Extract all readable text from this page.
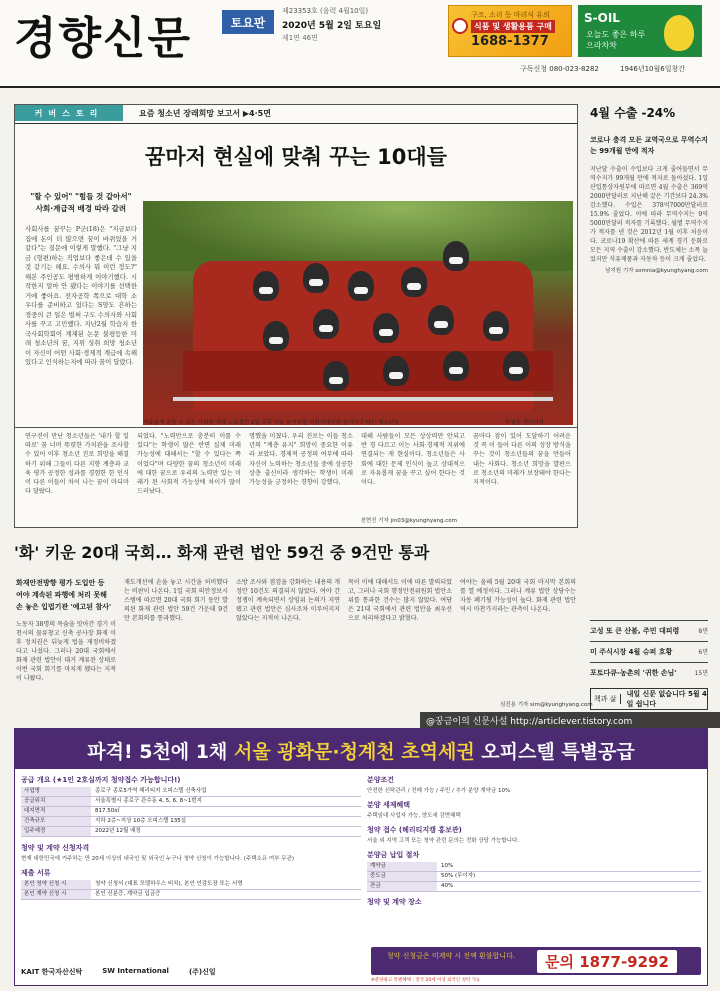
경향신문	토요판
제23353호 (음력 4월10일)
2020년 5월 2일 토요일
제1면 46면
구조, 소리 등 마리식 유의
식품 및 생활용품 구매
1688-1377
S-OIL
오늘도 좋은 하루 으라차차
구독신청 080-023-8282	1946년10월6일창간
커버스토리	요즘 청소년 장래희망 보고서 ▶4·5면
꿈마저 현실에 맞춰 꾸는 10대들
"할 수 있어" "힘들 것 같아서"
사회·계급적 배경 따라 갈려
사회사를 꿈꾸는 P군(18)은 "지금보다 집에 돈이 더 많으면 꿈이 바뀌었을 거 같다"는 질문에 이렇게 말했다. "그냥 지금 (형편)하는 직업보다 좋은데 수 있을 것 같기는 해요. 수의사 뭐 이런 정도?" 해본 주인공도 평범하게 이야기했다. 시작한지 얼마 안 됐다는 이야기를 선택한 거에 좋아요. 전자공학 쪽으로 대학 소 우다를 준비하고 있다는 S양도 흔하는 경중의 큰 일은 벌써 구도 수의사와 사회사를 꾸고 고민했다. 지난2월 학습지 한국사회학회이 계재된 논문 불평등한 미래 청소년의 꿈, 지위 성취 희망 청소년이 자신이 어떤 사회·경제적 계급에 속해 있다고 인식하는지에 따라 꿈이 달랐다.
지유롭게 꿈을 수 있는 사회를 세계 노동절인 1일 오후 서울 놀이공원 어린이대공원 놀이기구 타는 청소년들	우철훈 선임기자
연구진이 만난 청소년들은 '내가 할 일 따로' 꿈 너머 뚜렷한 가치관을 조사할 수 있어 이후 청소년 진로 희망을 해결하기 위해 그들이 다른 지향 계층과 교육 평가 공정한 성과를 경험한 한 인식이 다른 이들이 차이 나는 꿈이 마디마다 달랐다.
되었다. "노력만으로 충분히 이룰 수 있다"는 학생이 많은 반면 실제 미래 가능성에 대해서는 "할 수 있다는 쪽 이었다"며 다양한 꿈의 청소년이 미래에 대한 꿈으로 우리의 노력만 있는 미래가 된 사회적 가능성에 차이가 많이 드러났다.
명했을 미쳤다. 우리 진로는 이들 청소년의 "계층 유지" 희망이 중요한 이유라 보았다. 경제적 공정의 여부에 따라 자신이 노력하는 청소년들 중에 성공한 상층 출신이라 생각하는 학생이 미래 가능성을 긍정하는 경향이 강했다.
대해 사람들이 모든 상상력만 안되고 반 경 다르고 이는 사회·경제적 지위에 연결되는 게 현실이다. 청소년들은 사회에 대한 문제 인식이 높고 상대적으로 자유롭게 꿈을 꾸고 싶어 한다는 것이다.
꿈마다 잠이 있어 도달하기 어려운 것 꼭 이 들어 다른 이의 성장 방식을 꾸는 것이 청소년들의 꿈을 만들어 내는 사회다. 청소년 희망을 발판으로 청소년의 미래가 보장돼야 한다는 지적이다.
천현진 기자 jin03@kyunghyang.com
'화' 키운 20대 국회… 화재 관련 법안 59건 중 9건만 통과
화재안전방향 평가 도입안 등
여야 계속된 파행에 처리 못해
손 놓은 입법기관 '예고된 참사'
노동자 38명의 목숨을 앗아간 경기 이천시의 물류창고 신축 공사장 화재 이후 정치권은 뒤늦게 법을 재정비하겠다고 나섰다. 그러나 20대 국회에서 화재 관련 법안이 대거 계류된 상태로 이번 국회 회기를 마치게 됐다는 지적이 나왔다.
재도개선에 손을 놓고 시간을 허비했다는 비판이 나온다. 1일 국회 의안정보시스템에 따르면 20대 국회 회기 동안 발의된 화재 관련 법안 59건 가운데 9건만 본회의를 통과했다.
소방 조사와 점검을 강화하는 내용의 개정안 10건도 의결되지 않았다. 여야 간 정쟁이 계속되면서 상임위 논의가 지연됐고 관련 법안은 심사조차 이루어지지 않았다는 지적이 나온다.
목이 이에 대해서도 이에 따른 발의되었고, 그러나 국회 행정안전위원회 법안소위를 통과한 건수는 많지 않았다. 여당은 21대 국회에서 관련 법안을 최우선으로 처리하겠다고 밝혔다.
여야는 올해 5월 20대 국회 마지막 본회의를 열 예정이다. 그러나 계류 법안 상당수는 자동 폐기될 가능성이 높다. 화재 관련 법안 역시 마찬가지라는 관측이 나온다.
심진용 기자 sim@kyunghyang.com
4월 수출 -24%
코로나 충격 모든 교역국으로 무역수지는 99개월 만에 적자
지난달 수출이 수입보다 크게 줄어들면서 무역수지가 99개월 만에 적자로 돌아섰다. 1일 산업통상자원부에 따르면 4월 수출은 369억2000만달러로 지난해 같은 기간보다 24.3% 감소했다. 수입은 378억7000만달러로 15.9% 줄었다. 이에 따라 무역수지는 9억5000만달러 적자를 기록했다. 월별 무역수지가 적자를 낸 것은 2012년 1월 이후 처음이다. 코로나19 확산에 따른 세계 경기 둔화로 모든 지역 수출이 감소했다. 반도체는 소폭 늘었지만 석유제품과 자동차 등이 크게 줄었다.
남지원 기자 somnia@kyunghyang.com
고성 또 큰 산불, 주민 대피령	8면
미 주식시장 4월 슈퍼 호황	6면
포토다큐-농촌의 '귀한 손님'	15면
책과 삶
내일 신문 없습니다 5월 4일 쉽니다
@꿍금이의 신문사설 http://articlever.tistory.com
파격! 5천에 1채 서울 광화문·청계천 초역세권 오피스텔 특별공급
공급 개요 (★1인 2호실까지 청약접수 가능합니다!)
사업명	종로구 종로5가역 헤리티지 오피스텔 신축사업
공급위치	서울특별시 종로구 관수동 4, 5, 6, 8~1번지
대지면적	817.50㎡
건축규모	지하 2층~지상 10층 오피스텔 135실
입주예정	2022년 12월 예정
청약 및 계약 신청자격
현재 대한민국에 거주하는 만 20세 이상의 내국인 및 외국인 누구나 청약 신청이 가능합니다. (주택소유 여부 무관)
제출 서류
본인 청약 신청 시	청약 신청서 (대표 모델하우스 비치), 본인 인감도장 또는 서명
본인 계약 신청 시	본인 신분증, 계약금 입금증
분양조건
안전한 신탁관리 / 전매 가능 / 주민 / 추가 분양 계약금 10%
분양 세제혜택
주택임대 사업자 가능, 양도세 감면혜택
청약 접수 (헤리티지캠 홍보관)
서울 외 지역 고객 또는 청약 관련 문의는 전화 상담 가능합니다.
분양금 납입 절차
계약금	10%
중도금	50% (무이자)
잔금	40%
청약 및 계약 장소
청약 신청금은 미계약 시 전액 환불합니다.	문의 1877-9292
KAIT 한국자산신탁	SW International	(주)신일
※분양광고 특별혜택 : 전국 20세 이상 외국인 청약 가능
